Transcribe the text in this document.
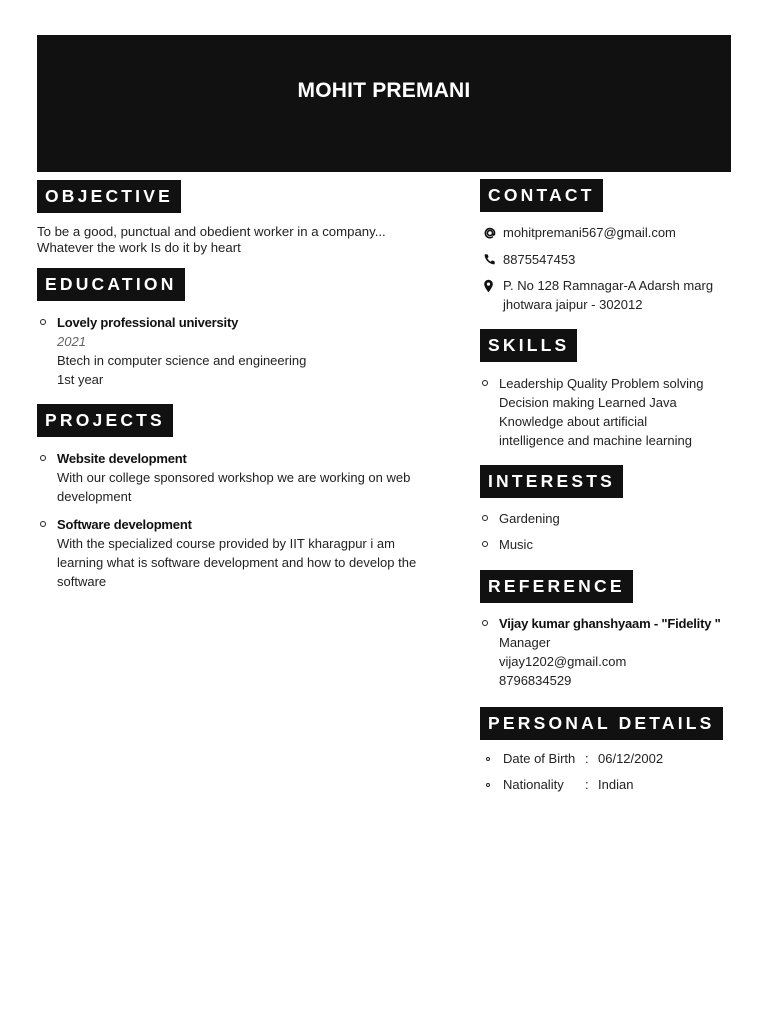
MOHIT PREMANI
OBJECTIVE
To be a good, punctual and obedient worker in a company...
Whatever the work Is do it by heart
EDUCATION
Lovely professional university
2021
Btech in computer science and engineering
1st year
PROJECTS
Website development
With our college sponsored workshop we are working on web
development
Software development
With the specialized course provided by IIT kharagpur i am
learning what is software development and how to develop the
software
CONTACT
mohitpremani567@gmail.com
8875547453
P. No 128 Ramnagar-A Adarsh marg
jhotwara jaipur - 302012
SKILLS
Leadership Quality Problem solving
Decision making Learned Java
Knowledge about artificial
intelligence and machine learning
INTERESTS
Gardening
Music
REFERENCE
Vijay kumar ghanshyaam - "Fidelity "
Manager
vijay1202@gmail.com
8796834529
PERSONAL DETAILS
Date of Birth : 06/12/2002
Nationality	: Indian
